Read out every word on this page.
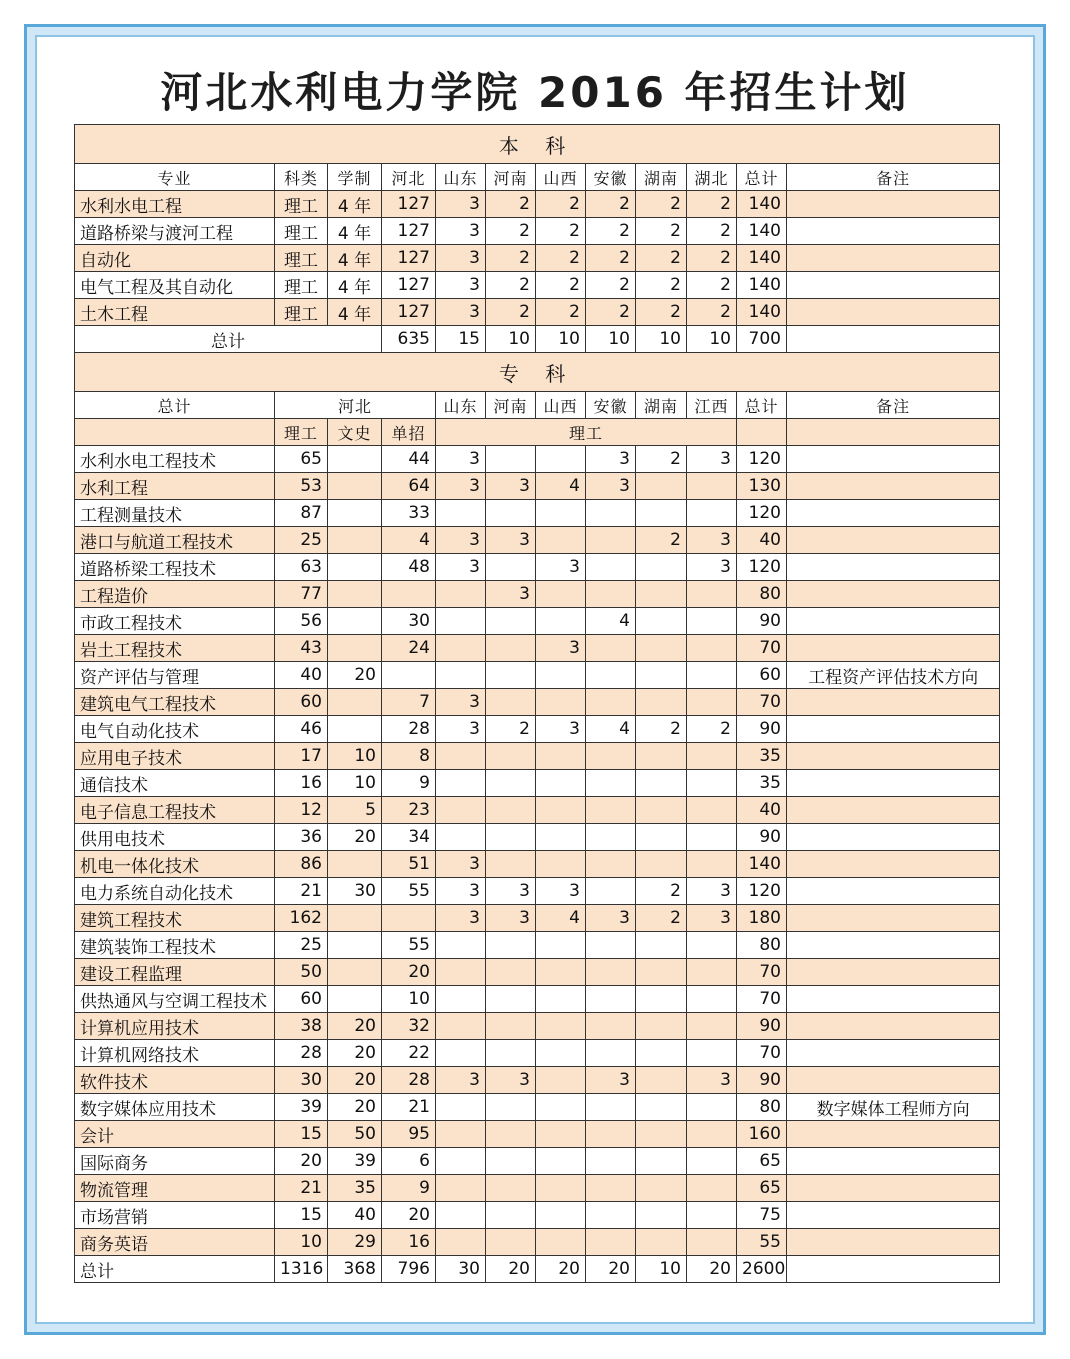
河北水利电力学院 2016 年招生计划
本 科											
专业	科类	学制	河北	山东	河南	山西	安徽	湖南	湖北	总计	备注
水利水电工程	理工	4 年	127	3	2	2	2	2	2	140	
道路桥梁与渡河工程	理工	4 年	127	3	2	2	2	2	2	140	
自动化	理工	4 年	127	3	2	2	2	2	2	140	
电气工程及其自动化	理工	4 年	127	3	2	2	2	2	2	140	
土木工程	理工	4 年	127	3	2	2	2	2	2	140	
总计			635	15	10	10	10	10	10	700	
专 科											
总计	河北			山东	河南	山西	安徽	湖南	江西	总计	备注
	理工	文史	单招	理工							
水利水电工程技术	65		44	3			3	2	3	120	
水利工程	53		64	3	3	4	3			130	
工程测量技术	87		33							120	
港口与航道工程技术	25		4	3	3			2	3	40	
道路桥梁工程技术	63		48	3		3			3	120	
工程造价	77				3					80	
市政工程技术	56		30				4			90	
岩土工程技术	43		24			3				70	
资产评估与管理	40	20								60	工程资产评估技术方向
建筑电气工程技术	60		7	3						70	
电气自动化技术	46		28	3	2	3	4	2	2	90	
应用电子技术	17	10	8							35	
通信技术	16	10	9							35	
电子信息工程技术	12	5	23							40	
供用电技术	36	20	34							90	
机电一体化技术	86		51	3						140	
电力系统自动化技术	21	30	55	3	3	3		2	3	120	
建筑工程技术	162			3	3	4	3	2	3	180	
建筑装饰工程技术	25		55							80	
建设工程监理	50		20							70	
供热通风与空调工程技术	60		10							70	
计算机应用技术	38	20	32							90	
计算机网络技术	28	20	22							70	
软件技术	30	20	28	3	3		3		3	90	
数字媒体应用技术	39	20	21							80	数字媒体工程师方向
会计	15	50	95							160	
国际商务	20	39	6							65	
物流管理	21	35	9							65	
市场营销	15	40	20							75	
商务英语	10	29	16							55	
总计	1316	368	796	30	20	20	20	10	20	2600	
